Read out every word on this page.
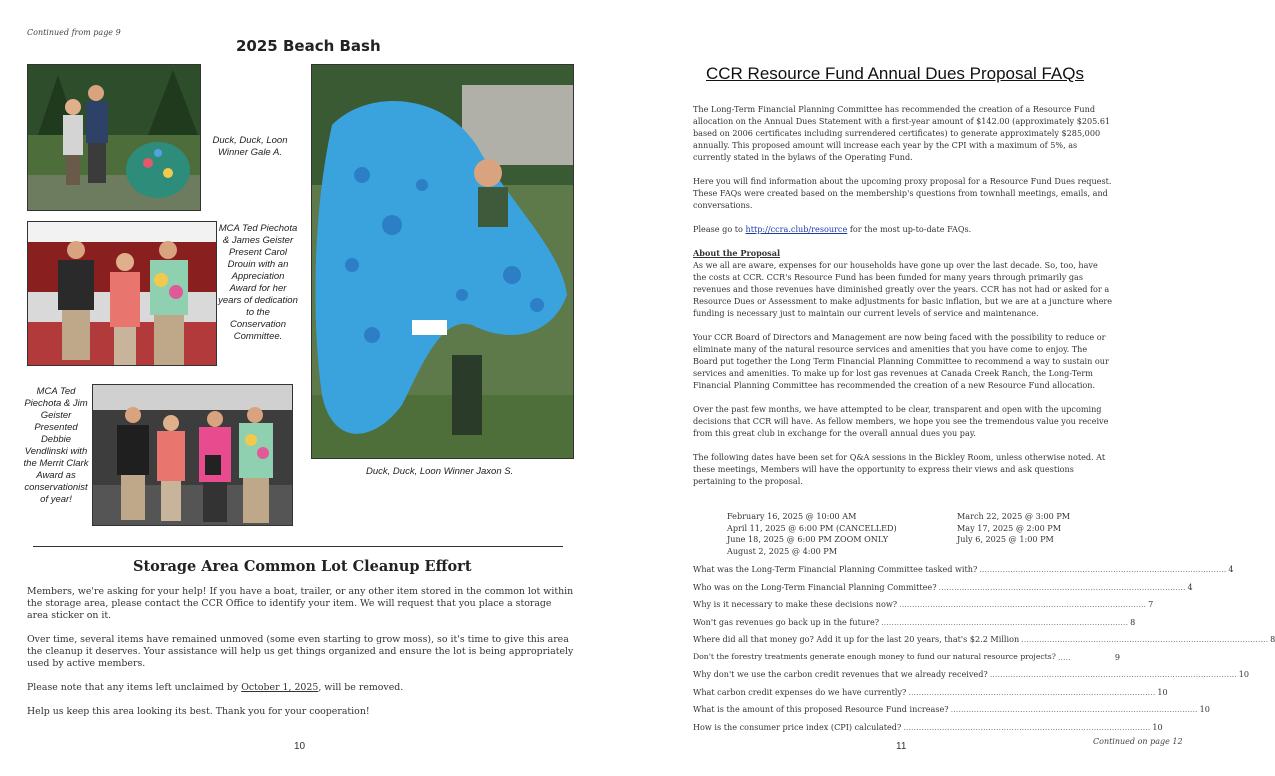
Continued from page 9
2025 Beach Bash
Duck, Duck, Loon Winner Gale A.
MCA Ted Piechota & James Geister Present Carol Drouin with an Appreciation Award for her years of dedication to the Conservation Committee.
MCA Ted Piechota & Jim Geister Presented Debbie Vendlinski with the Merrit Clark Award as conservationist of year!
Duck, Duck, Loon Winner Jaxon S.
Storage Area Common Lot Cleanup Effort

Members, we're asking for your help! If you have a boat, trailer, or any other item stored in the common lot within the storage area, please contact the CCR Office to identify your item. We will request that you place a storage area sticker on it.

Over time, several items have remained unmoved (some even starting to grow moss), so it's time to give this area the cleanup it deserves. Your assistance will help us get things organized and ensure the lot is being appropriately used by active members.

Please note that any items left unclaimed by October 1, 2025, will be removed.

Help us keep this area looking its best. Thank you for your cooperation!

10
CCR Resource Fund Annual Dues Proposal FAQs

The Long-Term Financial Planning Committee has recommended the creation of a Resource Fund allocation on the Annual Dues Statement with a first-year amount of $142.00 (approximately $205.61 based on 2006 certificates including surrendered certificates) to generate approximately $285,000 annually. This proposed amount will increase each year by the CPI with a maximum of 5%, as currently stated in the bylaws of the Operating Fund.

Here you will find information about the upcoming proxy proposal for a Resource Fund Dues request. These FAQs were created based on the membership's questions from townhall meetings, emails, and conversations.

Please go to http://ccra.club/resource for the most up-to-date FAQs.

About the Proposal

As we all are aware, expenses for our households have gone up over the last decade. So, too, have the costs at CCR. CCR's Resource Fund has been funded for many years through primarily gas revenues and those revenues have diminished greatly over the years. CCR has not had or asked for a Resource Dues or Assessment to make adjustments for basic inflation, but we are at a juncture where funding is necessary just to maintain our current levels of service and maintenance.

Your CCR Board of Directors and Management are now being faced with the possibility to reduce or eliminate many of the natural resource services and amenities that you have come to enjoy. The Board put together the Long Term Financial Planning Committee to recommend a way to sustain our services and amenities. To make up for lost gas revenues at Canada Creek Ranch, the Long-Term Financial Planning Committee has recommended the creation of a new Resource Fund allocation.

Over the past few months, we have attempted to be clear, transparent and open with the upcoming decisions that CCR will have. As fellow members, we hope you see the tremendous value you receive from this great club in exchange for the overall annual dues you pay.

The following dates have been set for Q&A sessions in the Bickley Room, unless otherwise noted. At these meetings, Members will have the opportunity to express their views and ask questions pertaining to the proposal.

February 16, 2025 @ 10:00 AM	March 22, 2025 @ 3:00 PM
April 11, 2025 @ 6:00 PM (CANCELLED)	May 17, 2025 @ 2:00 PM
June 18, 2025 @ 6:00 PM ZOOM ONLY	July 6, 2025 @ 1:00 PM
August 2, 2025 @ 4:00 PM
What was the Long-Term Financial Planning Committee tasked with? ................................................................................................ 4
Who was on the Long-Term Financial Planning Committee? ................................................................................................ 4
Why is it necessary to make these decisions now? ................................................................................................ 7
Won't gas revenues go back up in the future? ................................................................................................ 8
Where did all that money go? Add it up for the last 20 years, that's $2.2 Million ................................................................................................ 8
Don't the forestry treatments generate enough money to fund our natural resource projects? .....	9
Why don't we use the carbon credit revenues that we already received? ................................................................................................ 10
What carbon credit expenses do we have currently? ................................................................................................ 10
What is the amount of this proposed Resource Fund increase? ................................................................................................ 10
How is the consumer price index (CPI) calculated? ................................................................................................ 10
11	Continued on page 12
